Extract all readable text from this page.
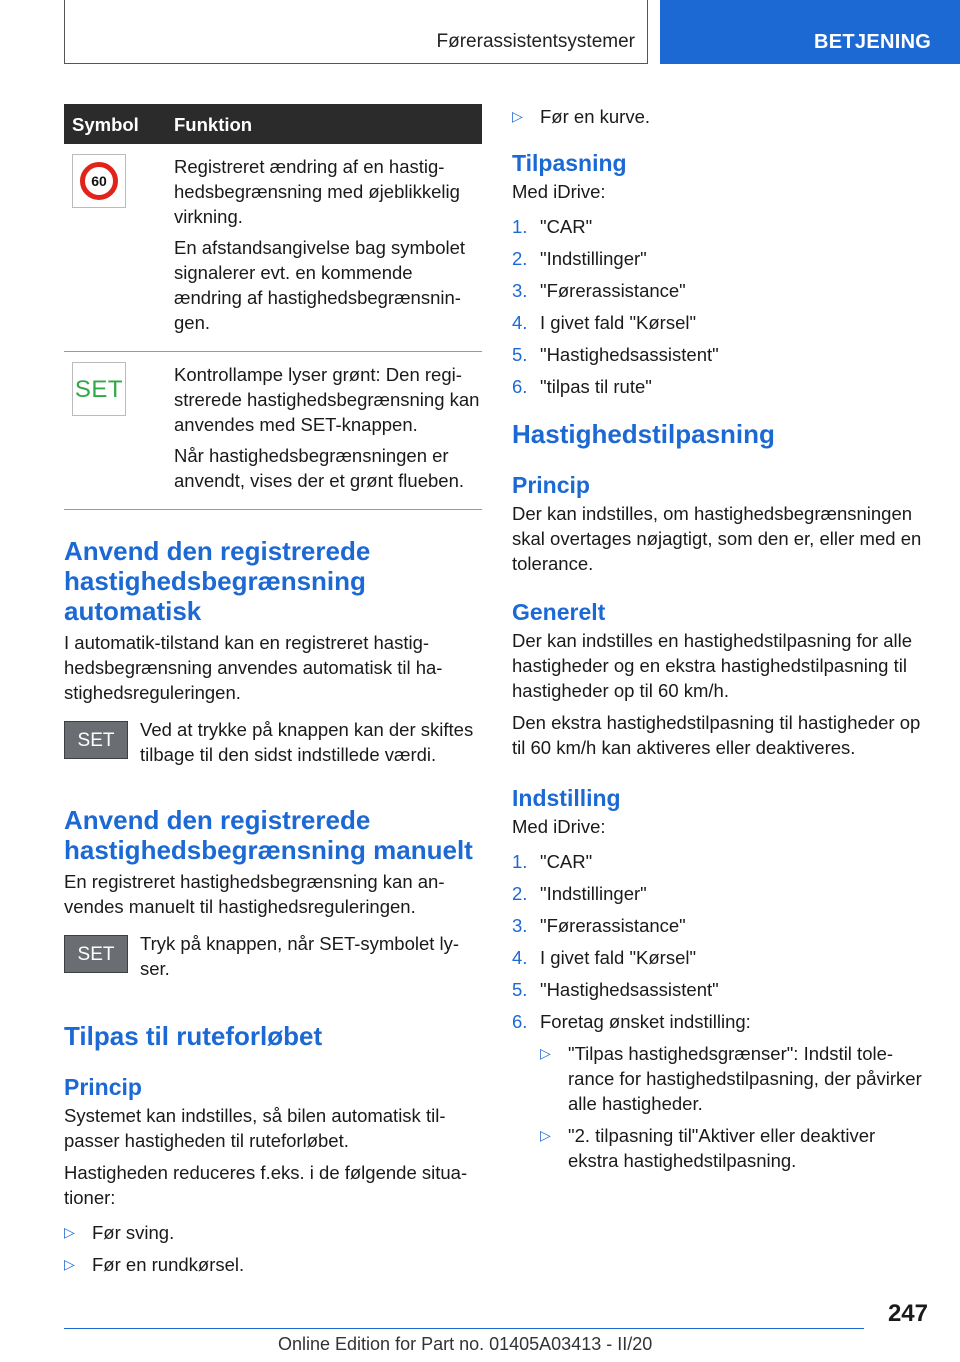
Førerassistentsystemer	BETJENING
Symbol	Funktion

60	Registreret ændring af en hastighedsbegrænsning med øjeblikkelig virkning.

En afstandsangivelse bag symbolet signalerer evt. en kommende ændring af hastighedsbegrænsningen.

SET	Kontrollampe lyser grønt: Den registrerede hastighedsbegrænsning kan anvendes med SET-knappen.

Når hastighedsbegrænsningen er anvendt, vises der et grønt flueben.

Anvend den registrerede hastighedsbegrænsning automatisk

I automatik-tilstand kan en registreret hastighedsbegrænsning anvendes automatisk til hastighedsreguleringen.

SET	Ved at trykke på knappen kan der skiftes tilbage til den sidst indstillede værdi.

Anvend den registrerede hastighedsbegrænsning manuelt

En registreret hastighedsbegrænsning kan anvendes manuelt til hastighedsreguleringen.

SET	Tryk på knappen, når SET-symbolet lyser.

Tilpas til ruteforløbet
Princip

Systemet kan indstilles, så bilen automatisk tilpasser hastigheden til ruteforløbet.

Hastigheden reduceres f.eks. i de følgende situationer:

▷ Før sving.
▷ Før en rundkørsel.
▷ Før en kurve.
Tilpasning

Med iDrive:

1. "CAR"
2. "Indstillinger"
3. "Førerassistance"
4. I givet fald "Kørsel"
5. "Hastighedsassistent"
6. "tilpas til rute"
Hastighedstilpasning
Princip

Der kan indstilles, om hastighedsbegrænsningen skal overtages nøjagtigt, som den er, eller med en tolerance.

Generelt

Der kan indstilles en hastighedstilpasning for alle hastigheder og en ekstra hastighedstilpasning til hastigheder op til 60 km/h.

Den ekstra hastighedstilpasning til hastigheder op til 60 km/h kan aktiveres eller deaktiveres.

Indstilling

Med iDrive:

1. "CAR"
2. "Indstillinger"
3. "Førerassistance"
4. I givet fald "Kørsel"
5. "Hastighedsassistent"
6. Foretag ønsket indstilling:
▷ "Tilpas hastighedsgrænser": Indstil tolerance for hastighedstilpasning, der påvirker alle hastigheder.
▷ "2. tilpasning til"Aktiver eller deaktiver ekstra hastighedstilpasning.
247
Online Edition for Part no. 01405A03413 - II/20
